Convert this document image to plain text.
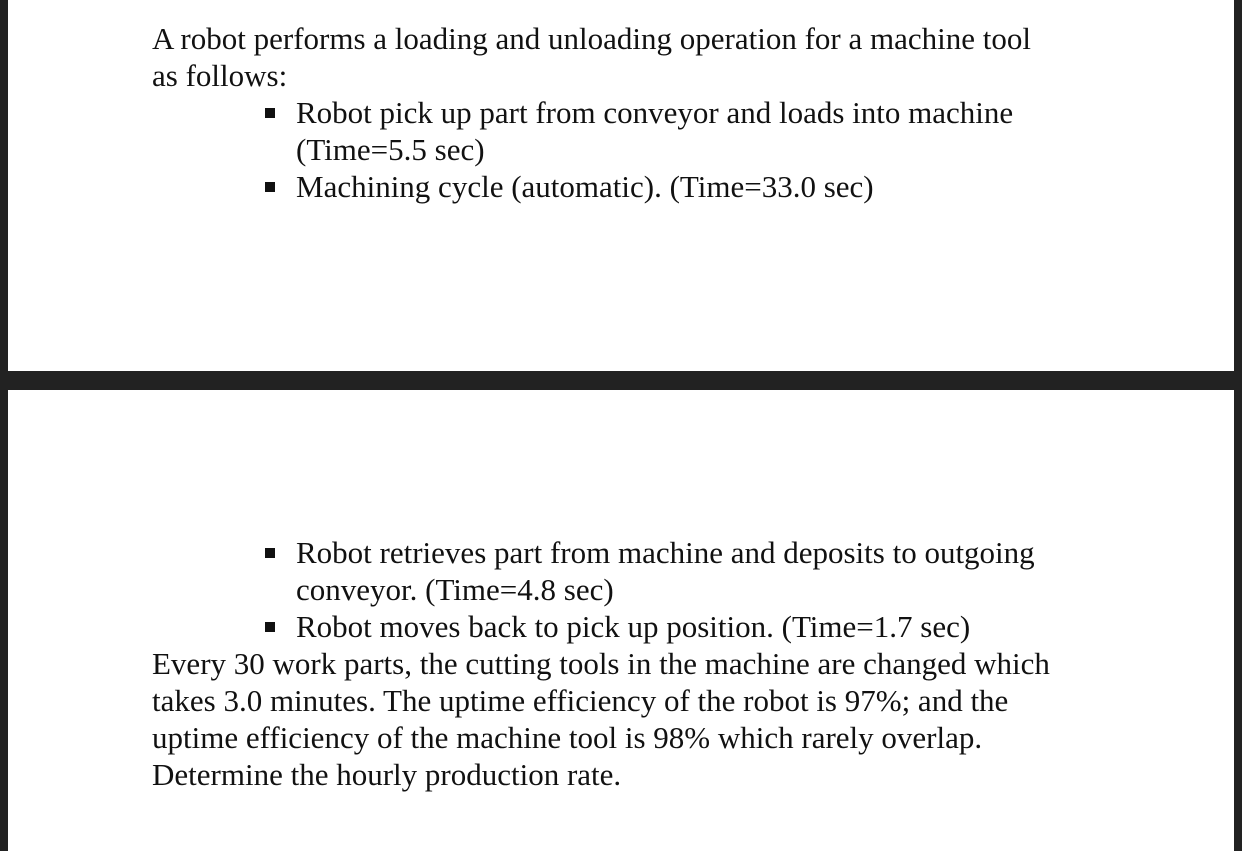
A robot performs a loading and unloading operation for a machine tool
as follows:
Robot pick up part from conveyor and loads into machine
(Time=5.5 sec)
Machining cycle (automatic). (Time=33.0 sec)
Robot retrieves part from machine and deposits to outgoing
conveyor. (Time=4.8 sec)
Robot moves back to pick up position. (Time=1.7 sec)
Every 30 work parts, the cutting tools in the machine are changed which
takes 3.0 minutes. The uptime efficiency of the robot is 97%; and the
uptime efficiency of the machine tool is 98% which rarely overlap.
Determine the hourly production rate.
